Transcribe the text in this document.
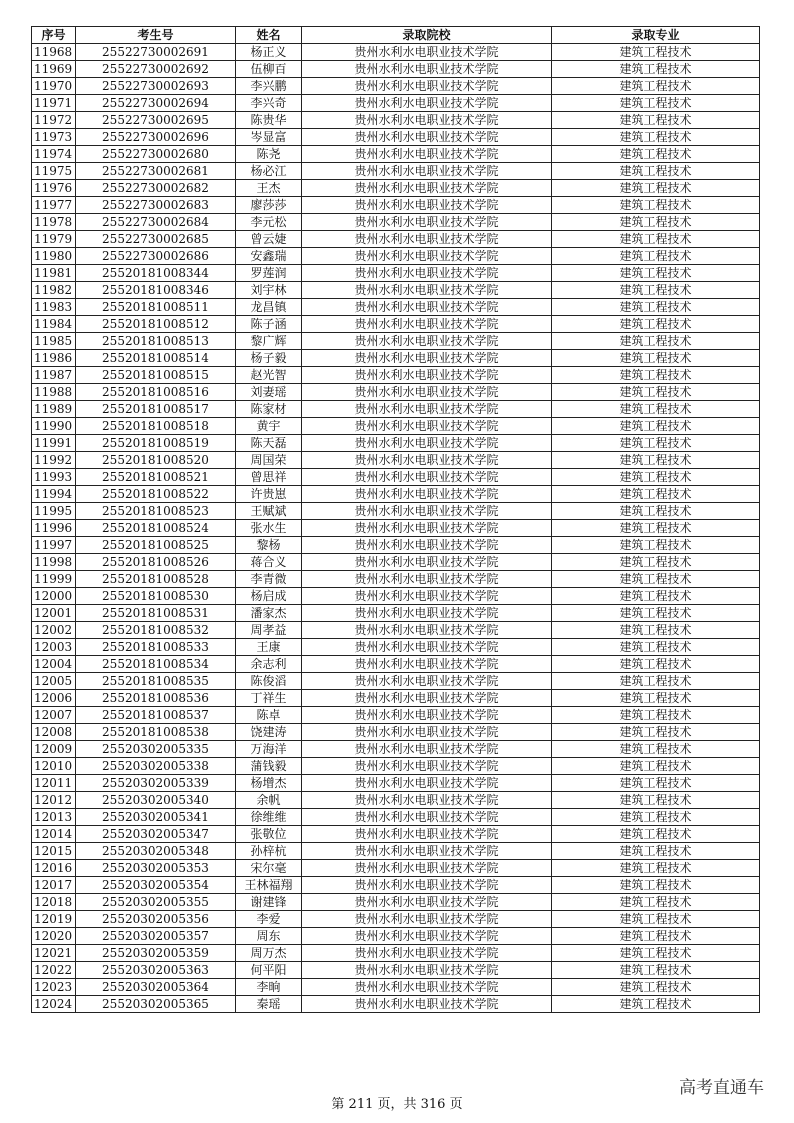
序号	考生号	姓名	录取院校	录取专业
11968	25522730002691	杨正义	贵州水利水电职业技术学院	建筑工程技术
11969	25522730002692	伍柳百	贵州水利水电职业技术学院	建筑工程技术
11970	25522730002693	李兴鹏	贵州水利水电职业技术学院	建筑工程技术
11971	25522730002694	李兴奇	贵州水利水电职业技术学院	建筑工程技术
11972	25522730002695	陈贵华	贵州水利水电职业技术学院	建筑工程技术
11973	25522730002696	岑显富	贵州水利水电职业技术学院	建筑工程技术
11974	25522730002680	陈尧	贵州水利水电职业技术学院	建筑工程技术
11975	25522730002681	杨必江	贵州水利水电职业技术学院	建筑工程技术
11976	25522730002682	王杰	贵州水利水电职业技术学院	建筑工程技术
11977	25522730002683	廖莎莎	贵州水利水电职业技术学院	建筑工程技术
11978	25522730002684	李元松	贵州水利水电职业技术学院	建筑工程技术
11979	25522730002685	曾云婕	贵州水利水电职业技术学院	建筑工程技术
11980	25522730002686	安鑫瑞	贵州水利水电职业技术学院	建筑工程技术
11981	25520181008344	罗莲润	贵州水利水电职业技术学院	建筑工程技术
11982	25520181008346	刘宇林	贵州水利水电职业技术学院	建筑工程技术
11983	25520181008511	龙昌镇	贵州水利水电职业技术学院	建筑工程技术
11984	25520181008512	陈子涵	贵州水利水电职业技术学院	建筑工程技术
11985	25520181008513	黎广辉	贵州水利水电职业技术学院	建筑工程技术
11986	25520181008514	杨子毅	贵州水利水电职业技术学院	建筑工程技术
11987	25520181008515	赵光智	贵州水利水电职业技术学院	建筑工程技术
11988	25520181008516	刘妻瑶	贵州水利水电职业技术学院	建筑工程技术
11989	25520181008517	陈家材	贵州水利水电职业技术学院	建筑工程技术
11990	25520181008518	黄宇	贵州水利水电职业技术学院	建筑工程技术
11991	25520181008519	陈天磊	贵州水利水电职业技术学院	建筑工程技术
11992	25520181008520	周国荣	贵州水利水电职业技术学院	建筑工程技术
11993	25520181008521	曾思祥	贵州水利水电职业技术学院	建筑工程技术
11994	25520181008522	许贵崽	贵州水利水电职业技术学院	建筑工程技术
11995	25520181008523	王赋斌	贵州水利水电职业技术学院	建筑工程技术
11996	25520181008524	张水生	贵州水利水电职业技术学院	建筑工程技术
11997	25520181008525	黎杨	贵州水利水电职业技术学院	建筑工程技术
11998	25520181008526	蒋合义	贵州水利水电职业技术学院	建筑工程技术
11999	25520181008528	李青微	贵州水利水电职业技术学院	建筑工程技术
12000	25520181008530	杨启成	贵州水利水电职业技术学院	建筑工程技术
12001	25520181008531	潘家杰	贵州水利水电职业技术学院	建筑工程技术
12002	25520181008532	周孝益	贵州水利水电职业技术学院	建筑工程技术
12003	25520181008533	王康	贵州水利水电职业技术学院	建筑工程技术
12004	25520181008534	余志利	贵州水利水电职业技术学院	建筑工程技术
12005	25520181008535	陈俊滔	贵州水利水电职业技术学院	建筑工程技术
12006	25520181008536	丁祥生	贵州水利水电职业技术学院	建筑工程技术
12007	25520181008537	陈卓	贵州水利水电职业技术学院	建筑工程技术
12008	25520181008538	饶建涛	贵州水利水电职业技术学院	建筑工程技术
12009	25520302005335	万海洋	贵州水利水电职业技术学院	建筑工程技术
12010	25520302005338	蒲钱毅	贵州水利水电职业技术学院	建筑工程技术
12011	25520302005339	杨增杰	贵州水利水电职业技术学院	建筑工程技术
12012	25520302005340	余帆	贵州水利水电职业技术学院	建筑工程技术
12013	25520302005341	徐维维	贵州水利水电职业技术学院	建筑工程技术
12014	25520302005347	张敬位	贵州水利水电职业技术学院	建筑工程技术
12015	25520302005348	孙梓杭	贵州水利水电职业技术学院	建筑工程技术
12016	25520302005353	宋尔毫	贵州水利水电职业技术学院	建筑工程技术
12017	25520302005354	王林福翔	贵州水利水电职业技术学院	建筑工程技术
12018	25520302005355	谢建锋	贵州水利水电职业技术学院	建筑工程技术
12019	25520302005356	李爱	贵州水利水电职业技术学院	建筑工程技术
12020	25520302005357	周东	贵州水利水电职业技术学院	建筑工程技术
12021	25520302005359	周万杰	贵州水利水电职业技术学院	建筑工程技术
12022	25520302005363	何平阳	贵州水利水电职业技术学院	建筑工程技术
12023	25520302005364	李晌	贵州水利水电职业技术学院	建筑工程技术
12024	25520302005365	秦瑶	贵州水利水电职业技术学院	建筑工程技术
第 211 页，共 316 页
高考直通车
